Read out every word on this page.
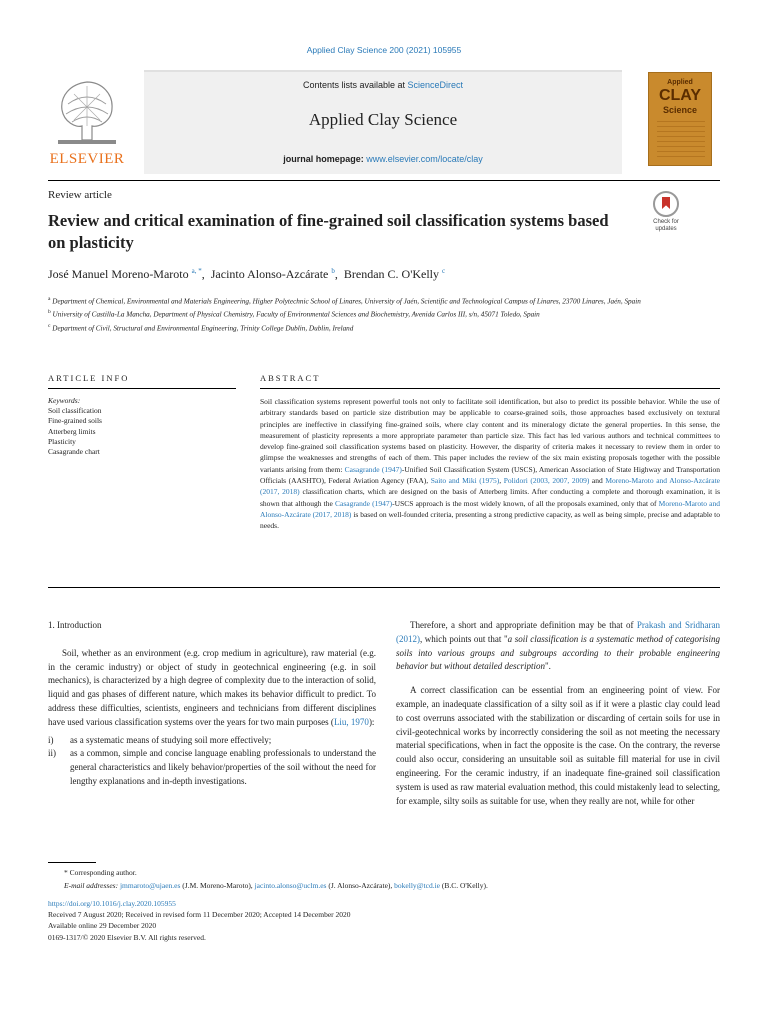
Applied Clay Science 200 (2021) 105955
ELSEVIER
Contents lists available at ScienceDirect
Applied Clay Science
journal homepage: www.elsevier.com/locate/clay
Applied
CLAY
Science
Review article
Review and critical examination of fine-grained soil classification systems based on plasticity
Check for updates
José Manuel Moreno-Maroto $^{a, *}$,  Jacinto Alonso-Azcárate $^b$,  Brendan C. O'Kelly $^c$
$^a$ Department of Chemical, Environmental and Materials Engineering, Higher Polytechnic School of Linares, University of Jaén, Scientific and Technological Campus of Linares, 23700 Linares, Jaén, Spain
$^b$ University of Castilla-La Mancha, Department of Physical Chemistry, Faculty of Environmental Sciences and Biochemistry, Avenida Carlos III, s/n, 45071 Toledo, Spain
$^c$ Department of Civil, Structural and Environmental Engineering, Trinity College Dublin, Dublin, Ireland
ARTICLE INFO	ABSTRACT
Keywords:
Soil classification
Fine-grained soils
Atterberg limits
Plasticity
Casagrande chart
Soil classification systems represent powerful tools not only to facilitate soil identification, but also to predict its possible behavior. While the use of arbitrary standards based on particle size distribution may be applicable to coarse-grained soils, those approaches based exclusively on textural principles are ineffective in classifying fine-grained soils, where clay content and its mineralogy dictate the general properties. In this sense, the measurement of plasticity represents a more appropriate parameter than particle size. This fact has led various authors and technical committees to develop fine-grained soil classification systems based on plasticity. However, the disparity of criteria makes it necessary to review them in order to glimpse the weaknesses and strengths of each of them. This paper includes the review of the six main existing proposals together with the possible variants arising from them: Casagrande (1947)-Unified Soil Classification System (USCS), American Association of State Highway and Transportation Officials (AASHTO), Federal Aviation Agency (FAA), Saito and Miki (1975), Polidori (2003, 2007, 2009) and Moreno-Maroto and Alonso-Azcárate (2017, 2018) classification charts, which are designed on the basis of Atterberg limits. After conducting a complete and thorough examination, it is shown that although the Casagrande (1947)-USCS approach is the most widely known, of all the proposals examined, only that of Moreno-Maroto and Alonso-Azcárate (2017, 2018) is based on well-founded criteria, presenting a strong predictive capacity, as well as being simple, precise and adaptable to needs.

1. Introduction

Soil, whether as an environment (e.g. crop medium in agriculture), raw material (e.g. in the ceramic industry) or object of study in geotechnical engineering (e.g. in soil mechanics), is characterized by a high degree of complexity due to the interaction of solid, liquid and gas phases of different nature, which makes its behavior difficult to predict. To address these difficulties, scientists, engineers and technicians from different disciplines have used various classification systems over the years for two main purposes (Liu, 1970):

i) as a systematic means of studying soil more effectively;
ii) as a common, simple and concise language enabling professionals to understand the general characteristics and likely behavior/properties of the soil without the need for lengthy explanations and in-depth investigations.

Therefore, a short and appropriate definition may be that of Prakash and Sridharan (2012), which points out that "a soil classification is a systematic method of categorising soils into various groups and subgroups according to their probable engineering behavior but without detailed description".

A correct classification can be essential from an engineering point of view. For example, an inadequate classification of a silty soil as if it were a plastic clay could lead to cost overruns associated with the stabilization or discarding of certain soils for use in civil-geotechnical works by incorrectly considering the soil as not meeting the necessary material specifications, when in fact the opposite is the case. On the contrary, the reverse could also occur, considering an unsuitable soil as suitable fill material for use in civil engineering. For the ceramic industry, if an inadequate fine-grained soil classification system is used as raw material evaluation method, this could mistakenly lead to selecting, for example, silty soils as suitable for use, when they really are not, while for other

* Corresponding author.
E-mail addresses: jmmaroto@ujaen.es (J.M. Moreno-Maroto), jacinto.alonso@uclm.es (J. Alonso-Azcárate), bokelly@tcd.ie (B.C. O'Kelly).
https://doi.org/10.1016/j.clay.2020.105955
Received 7 August 2020; Received in revised form 11 December 2020; Accepted 14 December 2020
Available online 29 December 2020
0169-1317/© 2020 Elsevier B.V. All rights reserved.
